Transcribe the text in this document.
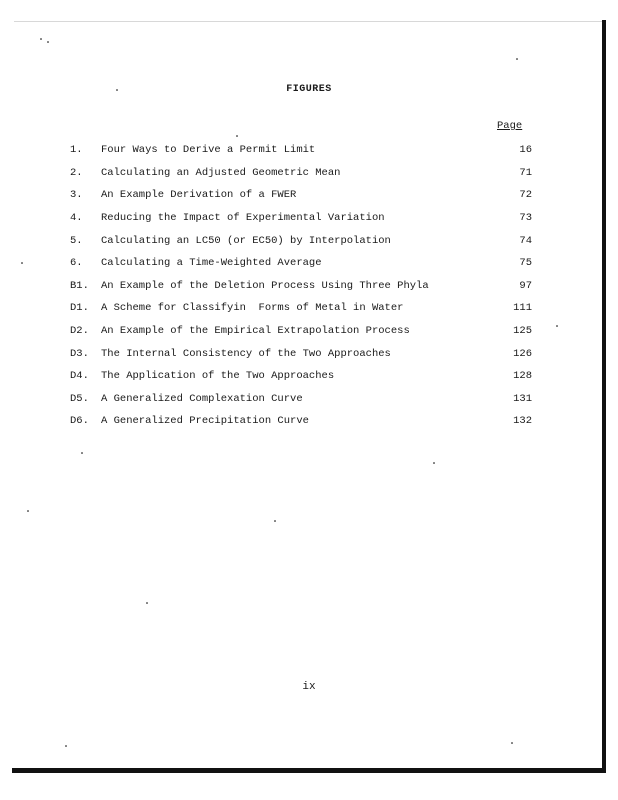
FIGURES
Page
1.	Four Ways to Derive a Permit Limit	16
2.	Calculating an Adjusted Geometric Mean	71
3.	An Example Derivation of a FWER	72
4.	Reducing the Impact of Experimental Variation	73
5.	Calculating an LC50 (or EC50) by Interpolation	74
6.	Calculating a Time-Weighted Average	75
B1.	An Example of the Deletion Process Using Three Phyla	97
D1.	A Scheme for Classifyin  Forms of Metal in Water	111
D2.	An Example of the Empirical Extrapolation Process	125
D3.	The Internal Consistency of the Two Approaches	126
D4.	The Application of the Two Approaches	128
D5.	A Generalized Complexation Curve	131
D6.	A Generalized Precipitation Curve	132
ix
